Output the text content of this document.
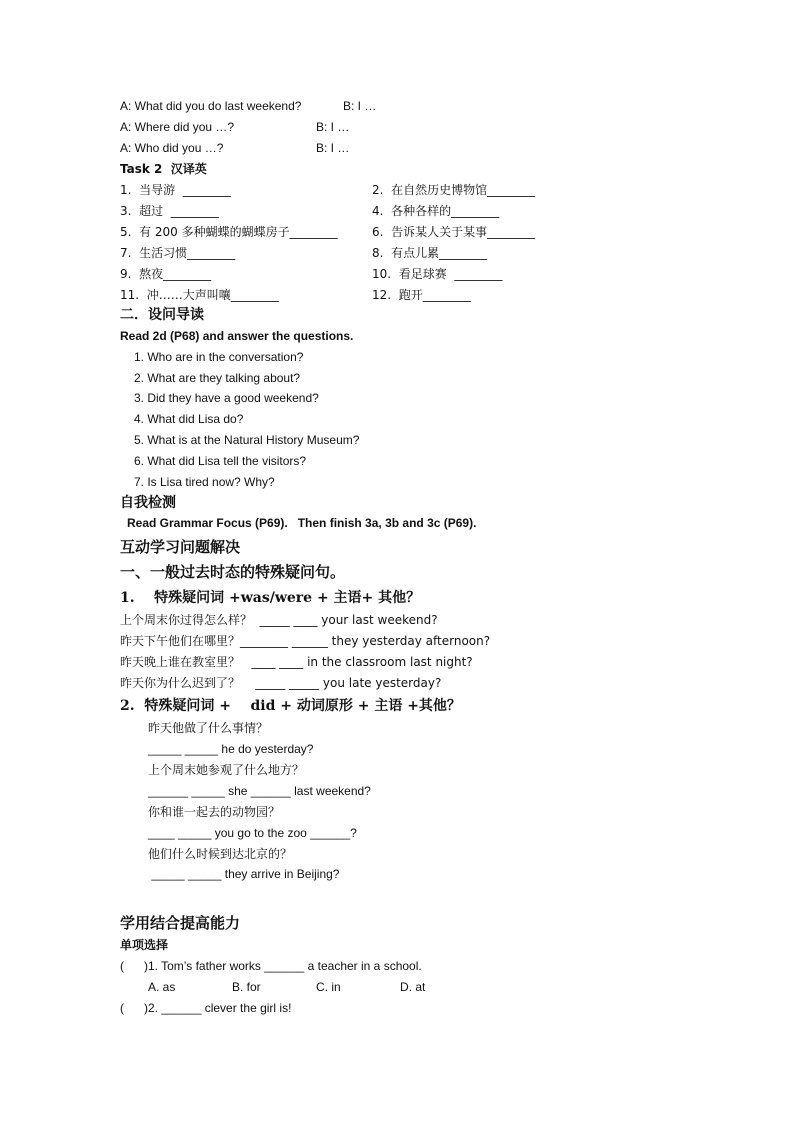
A: What did you do last weekend?	B: I …
A: Where did you …?	B: I …
A: Who did you …?	B: I …
Task 2  汉译英
1.  当导游  ________	2.  在自然历史博物馆________
3.  超过  ________	4.  各种各样的________
5.  有 200 多种蝴蝶的蝴蝶房子________	6.  告诉某人关于某事________
7.  生活习惯________	8.  有点儿累________
9.  熬夜________	10.  看足球赛  ________
11.  冲……大声叫嚷________	12.  跑开________
二．设问导读
Read 2d (P68) and answer the questions.
1. Who are in the conversation?
2. What are they talking about?
3. Did they have a good weekend?
4. What did Lisa do?
5. What is at the Natural History Museum?
6. What did Lisa tell the visitors?
7. Is Lisa tired now? Why?
自我检测
Read Grammar Focus (P69).   Then finish 3a, 3b and 3c (P69).
互动学习问题解决
一、一般过去时态的特殊疑问句。
1.    特殊疑问词 +was/were + 主语+ 其他？
上个周末你过得怎么样？  _____ ____ your last weekend?
昨天下午他们在哪里？________ ______ they yesterday afternoon?
昨天晚上谁在教室里？   ____ ____ in the classroom last night?
昨天你为什么迟到了？    _____ _____ you late yesterday?
2.  特殊疑问词 +    did + 动词原形 + 主语 +其他？
昨天他做了什么事情？
_____ _____ he do yesterday?
上个周末她参观了什么地方？
______ _____ she ______ last weekend?
你和谁一起去的动物园？
____ _____ you go to the zoo ______?
他们什么时候到达北京的？
_____ _____ they arrive in Beijing?
学用结合提高能力
单项选择
(      )1. Tom’s father works ______ a teacher in a school.
A. as	B. for	C. in	D. at
(      )2. ______ clever the girl is!
